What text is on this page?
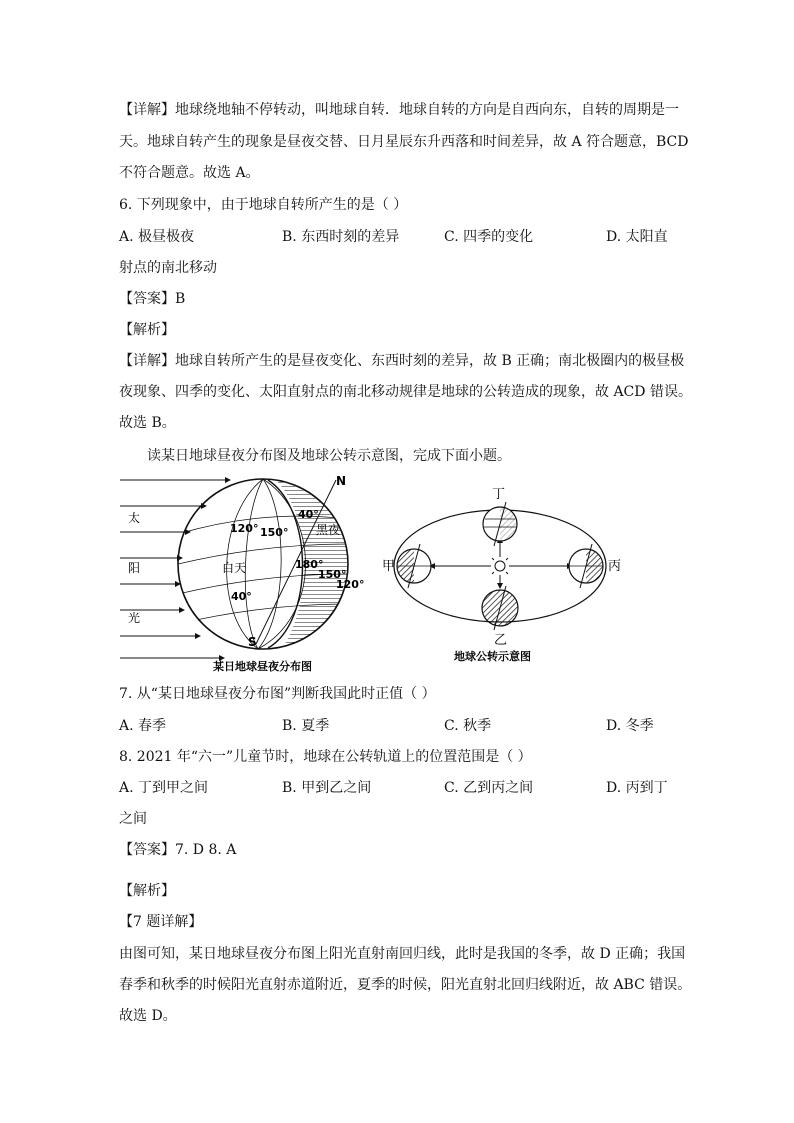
【详解】地球绕地轴不停转动，叫地球自转．地球自转的方向是自西向东，自转的周期是一
天。地球自转产生的现象是昼夜交替、日月星辰东升西落和时间差异，故 A 符合题意，BCD
不符合题意。故选 A。
6. 下列现象中，由于地球自转所产生的是（ ）
A. 极昼极夜	B. 东西时刻的差异	C. 四季的变化	D. 太阳直
射点的南北移动
【答案】B
【解析】
【详解】地球自转所产生的是昼夜变化、东西时刻的差异，故 B 正确；南北极圈内的极昼极
夜现象、四季的变化、太阳直射点的南北移动规律是地球的公转造成的现象，故 ACD 错误。
故选 B。
读某日地球昼夜分布图及地球公转示意图，完成下面小题。
太
阳
光
N
S
黑夜
白天
40°
120° 150°
180°
150°
120°
40°
某日地球昼夜分布图
丁
甲	丙
乙
地球公转示意图
7. 从“某日地球昼夜分布图”判断我国此时正值（ ）
A. 春季	B. 夏季	C. 秋季	D. 冬季
8. 2021 年“六一”儿童节时，地球在公转轨道上的位置范围是（ ）
A. 丁到甲之间	B. 甲到乙之间	C. 乙到丙之间	D. 丙到丁
之间
【答案】7. D 8. A
【解析】
【7 题详解】
由图可知，某日地球昼夜分布图上阳光直射南回归线，此时是我国的冬季，故 D 正确；我国
春季和秋季的时候阳光直射赤道附近，夏季的时候，阳光直射北回归线附近，故 ABC 错误。
故选 D。
